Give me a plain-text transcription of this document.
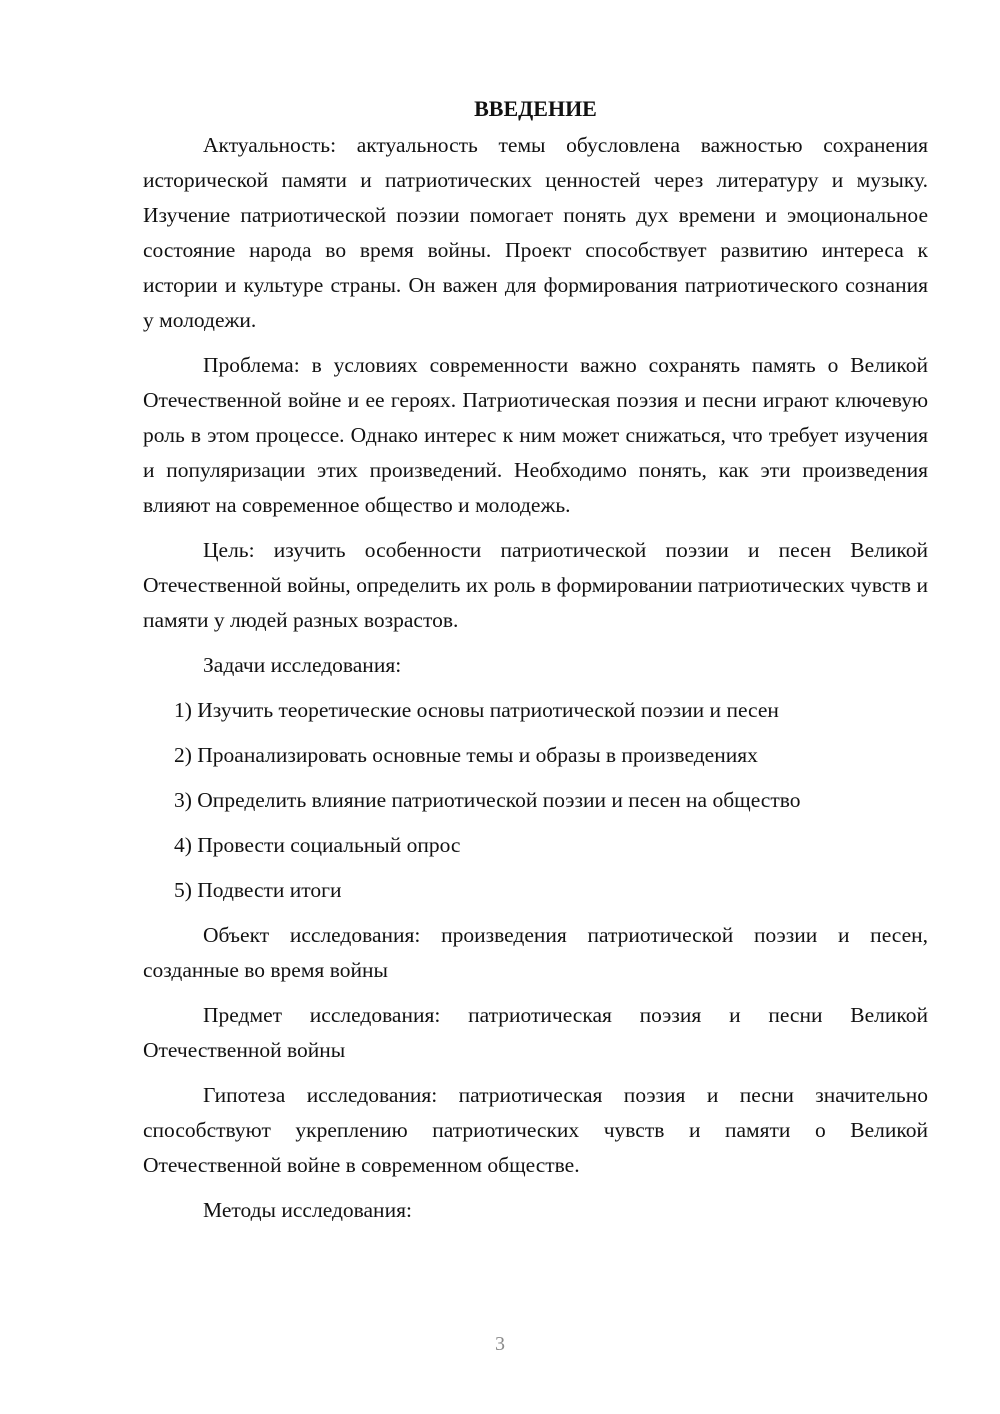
ВВЕДЕНИЕ

Актуальность: актуальность темы обусловлена важностью сохранения исторической памяти и патриотических ценностей через литературу и музыку. Изучение патриотической поэзии помогает понять дух времени и эмоциональное состояние народа во время войны. Проект способствует развитию интереса к истории и культуре страны. Он важен для формирования патриотического сознания у молодежи.

Проблема: в условиях современности важно сохранять память о Великой Отечественной войне и ее героях. Патриотическая поэзия и песни играют ключевую роль в этом процессе. Однако интерес к ним может снижаться, что требует изучения и популяризации этих произведений. Необходимо понять, как эти произведения влияют на современное общество и молодежь.

Цель: изучить особенности патриотической поэзии и песен Великой Отечественной войны, определить их роль в формировании патриотических чувств и памяти у людей разных возрастов.

Задачи исследования:

1) Изучить теоретические основы патриотической поэзии и песен
2) Проанализировать основные темы и образы в произведениях
3) Определить влияние патриотической поэзии и песен на общество
4) Провести социальный опрос
5) Подвести итоги

Объект исследования: произведения патриотической поэзии и песен, созданные во время войны

Предмет исследования: патриотическая поэзия и песни Великой Отечественной войны

Гипотеза исследования: патриотическая поэзия и песни значительно способствуют укреплению патриотических чувств и памяти о Великой Отечественной войне в современном обществе.

Методы исследования:

3
